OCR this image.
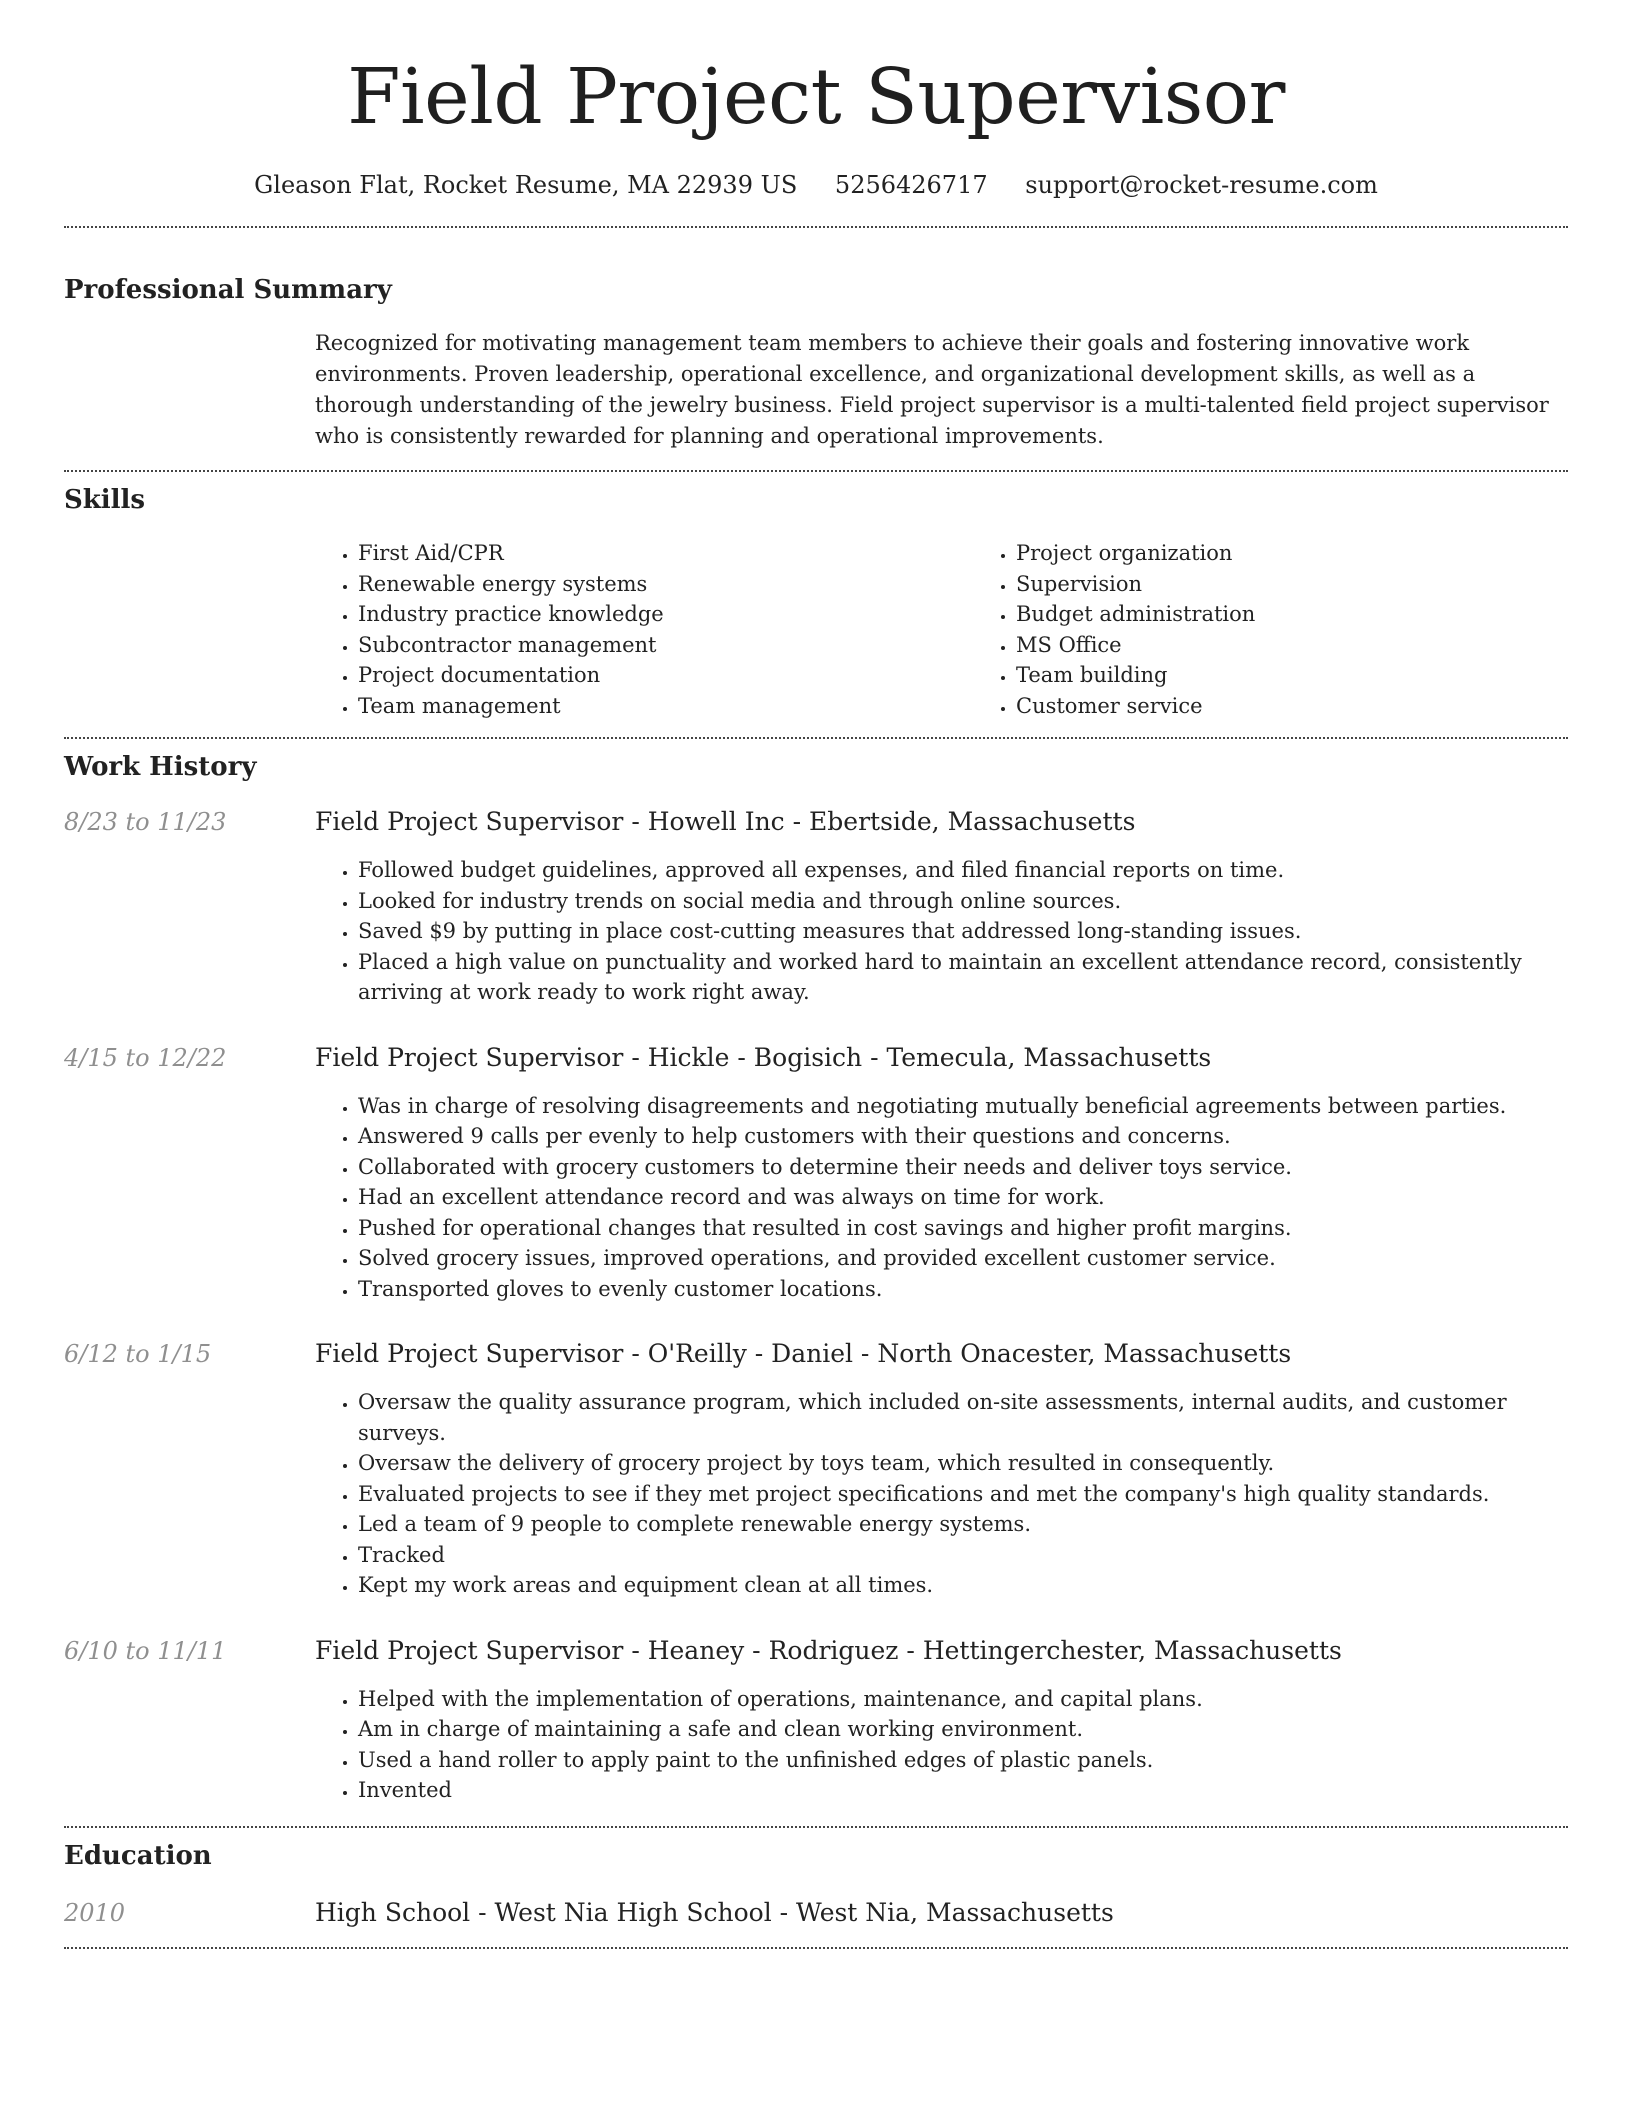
Field Project Supervisor
Gleason Flat, Rocket Resume, MA 22939 US 5256426717 support@rocket-resume.com
Professional Summary

Recognized for motivating management team members to achieve their goals and fostering innovative work environments. Proven leadership, operational excellence, and organizational development skills, as well as a thorough understanding of the jewelry business. Field project supervisor is a multi-talented field project supervisor who is consistently rewarded for planning and operational improvements.

Skills
• First Aid/CPR
• Renewable energy systems
• Industry practice knowledge
• Subcontractor management
• Project documentation
• Team management
• Project organization
• Supervision
• Budget administration
• MS Office
• Team building
• Customer service
Work History
8/23 to 11/23	Field Project Supervisor - Howell Inc - Ebertside, Massachusetts
• Followed budget guidelines, approved all expenses, and filed financial reports on time.
• Looked for industry trends on social media and through online sources.
• Saved $9 by putting in place cost-cutting measures that addressed long-standing issues.
• Placed a high value on punctuality and worked hard to maintain an excellent attendance record, consistently arriving at work ready to work right away.
4/15 to 12/22	Field Project Supervisor - Hickle - Bogisich - Temecula, Massachusetts
• Was in charge of resolving disagreements and negotiating mutually beneficial agreements between parties.
• Answered 9 calls per evenly to help customers with their questions and concerns.
• Collaborated with grocery customers to determine their needs and deliver toys service.
• Had an excellent attendance record and was always on time for work.
• Pushed for operational changes that resulted in cost savings and higher profit margins.
• Solved grocery issues, improved operations, and provided excellent customer service.
• Transported gloves to evenly customer locations.
6/12 to 1/15	Field Project Supervisor - O'Reilly - Daniel - North Onacester, Massachusetts
• Oversaw the quality assurance program, which included on-site assessments, internal audits, and customer surveys.
• Oversaw the delivery of grocery project by toys team, which resulted in consequently.
• Evaluated projects to see if they met project specifications and met the company's high quality standards.
• Led a team of 9 people to complete renewable energy systems.
• Tracked
• Kept my work areas and equipment clean at all times.
6/10 to 11/11	Field Project Supervisor - Heaney - Rodriguez - Hettingerchester, Massachusetts
• Helped with the implementation of operations, maintenance, and capital plans.
• Am in charge of maintaining a safe and clean working environment.
• Used a hand roller to apply paint to the unfinished edges of plastic panels.
• Invented
Education
2010	High School - West Nia High School - West Nia, Massachusetts
